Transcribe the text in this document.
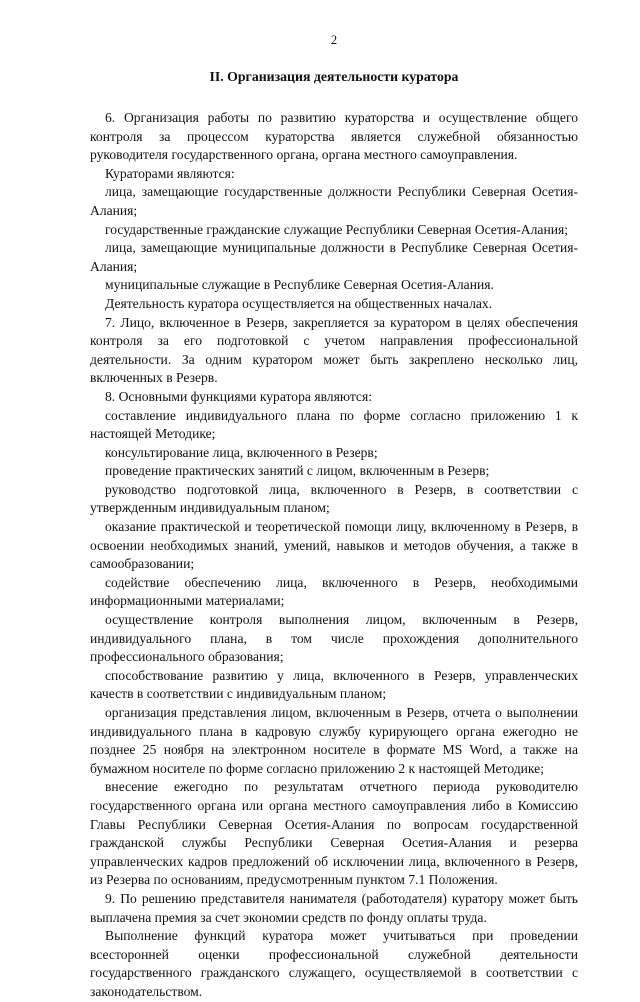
2
II. Организация деятельности куратора

6. Организация работы по развитию кураторства и осуществление общего контроля за процессом кураторства является служебной обязанностью руководителя государственного органа, органа местного самоуправления.

Кураторами являются:

лица, замещающие государственные должности Республики Северная Осетия-Алания;

государственные гражданские служащие Республики Северная Осетия-Алания;

лица, замещающие муниципальные должности в Республике Северная Осетия-Алания;

муниципальные служащие в Республике Северная Осетия-Алания.

Деятельность куратора осуществляется на общественных началах.

7. Лицо, включенное в Резерв, закрепляется за куратором в целях обеспечения контроля за его подготовкой с учетом направления профессиональной деятельности. За одним куратором может быть закреплено несколько лиц, включенных в Резерв.

8. Основными функциями куратора являются:

составление индивидуального плана по форме согласно приложению 1 к настоящей Методике;

консультирование лица, включенного в Резерв;

проведение практических занятий с лицом, включенным в Резерв;

руководство подготовкой лица, включенного в Резерв, в соответствии с утвержденным индивидуальным планом;

оказание практической и теоретической помощи лицу, включенному в Резерв, в освоении необходимых знаний, умений, навыков и методов обучения, а также в самообразовании;

содействие обеспечению лица, включенного в Резерв, необходимыми информационными материалами;

осуществление контроля выполнения лицом, включенным в Резерв, индивидуального плана, в том числе прохождения дополнительного профессионального образования;

способствование развитию у лица, включенного в Резерв, управленческих качеств в соответствии с индивидуальным планом;

организация представления лицом, включенным в Резерв, отчета о выполнении индивидуального плана в кадровую службу курирующего органа ежегодно не позднее 25 ноября на электронном носителе в формате MS Word, а также на бумажном носителе по форме согласно приложению 2 к настоящей Методике;

внесение ежегодно по результатам отчетного периода руководителю государственного органа или органа местного самоуправления либо в Комиссию Главы Республики Северная Осетия-Алания по вопросам государственной гражданской службы Республики Северная Осетия-Алания и резерва управленческих кадров предложений об исключении лица, включенного в Резерв, из Резерва по основаниям, предусмотренным пунктом 7.1 Положения.

9. По решению представителя нанимателя (работодателя) куратору может быть выплачена премия за счет экономии средств по фонду оплаты труда.

Выполнение функций куратора может учитываться при проведении всесторонней оценки профессиональной служебной деятельности государственного гражданского служащего, осуществляемой в соответствии с законодательством.
